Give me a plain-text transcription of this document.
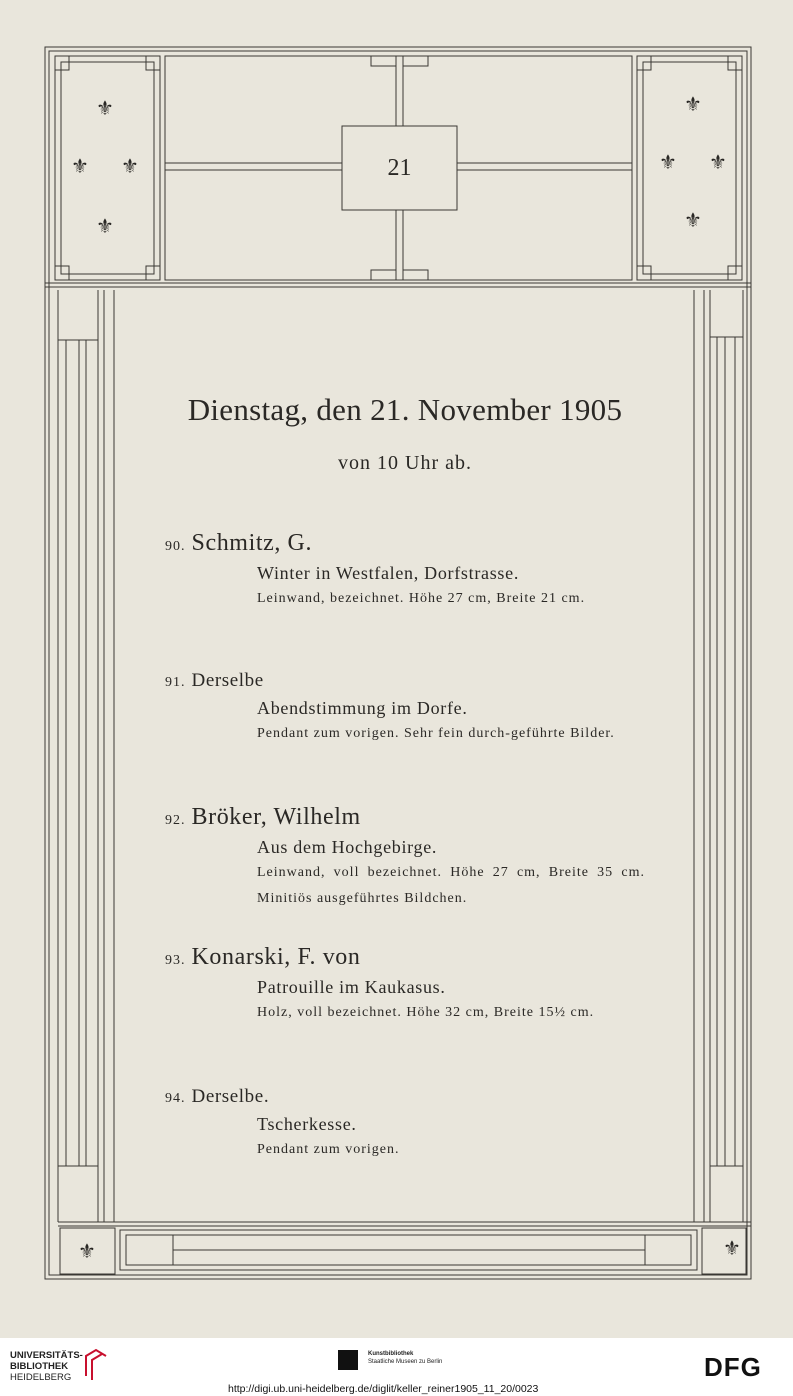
21
⚜
⚜ ⚜
⚜
⚜
⚜ ⚜
⚜
⚜	⚜
Dienstag, den 21. November 1905
von 10 Uhr ab.
90. Schmitz, G.
Winter in Westfalen, Dorfstrasse.
Leinwand, bezeichnet. Höhe 27 cm, Breite 21 cm.
91. Derselbe
Abendstimmung im Dorfe.
Pendant zum vorigen. Sehr fein durch-geführte Bilder.
92. Bröker, Wilhelm
Aus dem Hochgebirge.
Leinwand, voll bezeichnet. Höhe 27 cm, Breite 35 cm. Minitiös ausgeführtes Bildchen.
93. Konarski, F. von
Patrouille im Kaukasus.
Holz, voll bezeichnet. Höhe 32 cm, Breite 15½ cm.
94. Derselbe.
Tscherkesse.
Pendant zum vorigen.
UNIVERSITÄTS-
BIBLIOTHEK
HEIDELBERG
Kunstbibliothek
Staatliche Museen zu Berlin	DFG
http://digi.ub.uni-heidelberg.de/diglit/keller_reiner1905_11_20/0023
